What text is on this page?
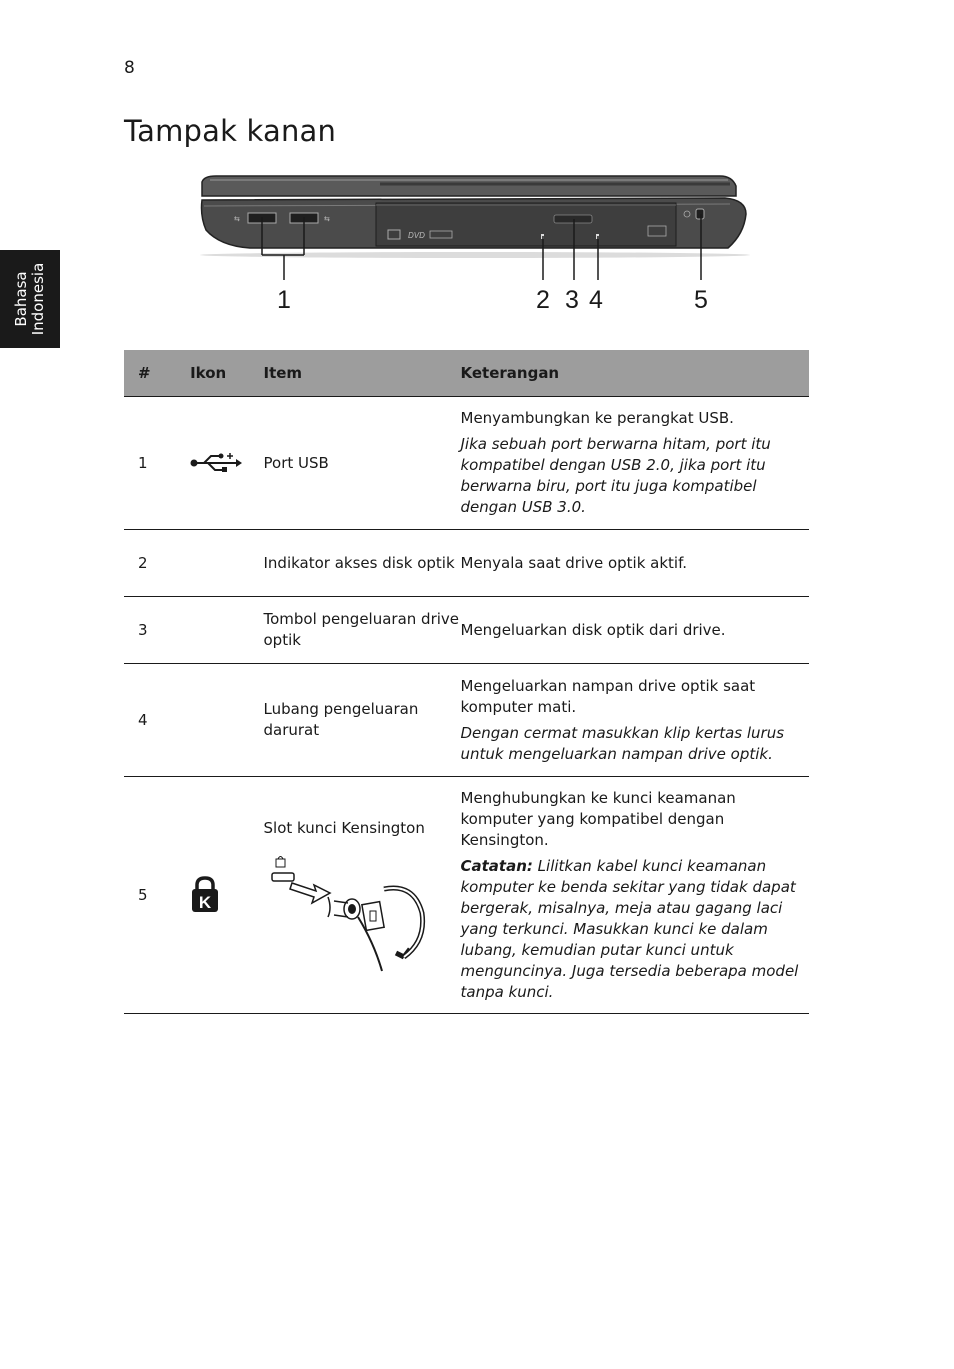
8
Bahasa Indonesia
Tampak kanan
DVD
⇆	⇆
1	2 3 4	5
#	Ikon	Item	Keterangan
1		Port USB	Menyambungkan ke perangkat USB.

Jika sebuah port berwarna hitam, port itu kompatibel dengan USB 2.0, jika port itu berwarna biru, port itu juga kompatibel dengan USB 3.0.

2		Indikator akses disk optik	Menyala saat drive optik aktif.

3		Tombol pengeluaran drive optik	Mengeluarkan disk optik dari drive.

4		Lubang pengeluaran darurat	Mengeluarkan nampan drive optik saat komputer mati.

Dengan cermat masukkan klip kertas lurus untuk mengeluarkan nampan drive optik.

5	K	Slot kunci Kensington	Menghubungkan ke kunci keamanan komputer yang kompatibel dengan Kensington.

Catatan: Lilitkan kabel kunci keamanan komputer ke benda sekitar yang tidak dapat bergerak, misalnya, meja atau gagang laci yang terkunci. Masukkan kunci ke dalam lubang, kemudian putar kunci untuk menguncinya. Juga tersedia beberapa model tanpa kunci.
